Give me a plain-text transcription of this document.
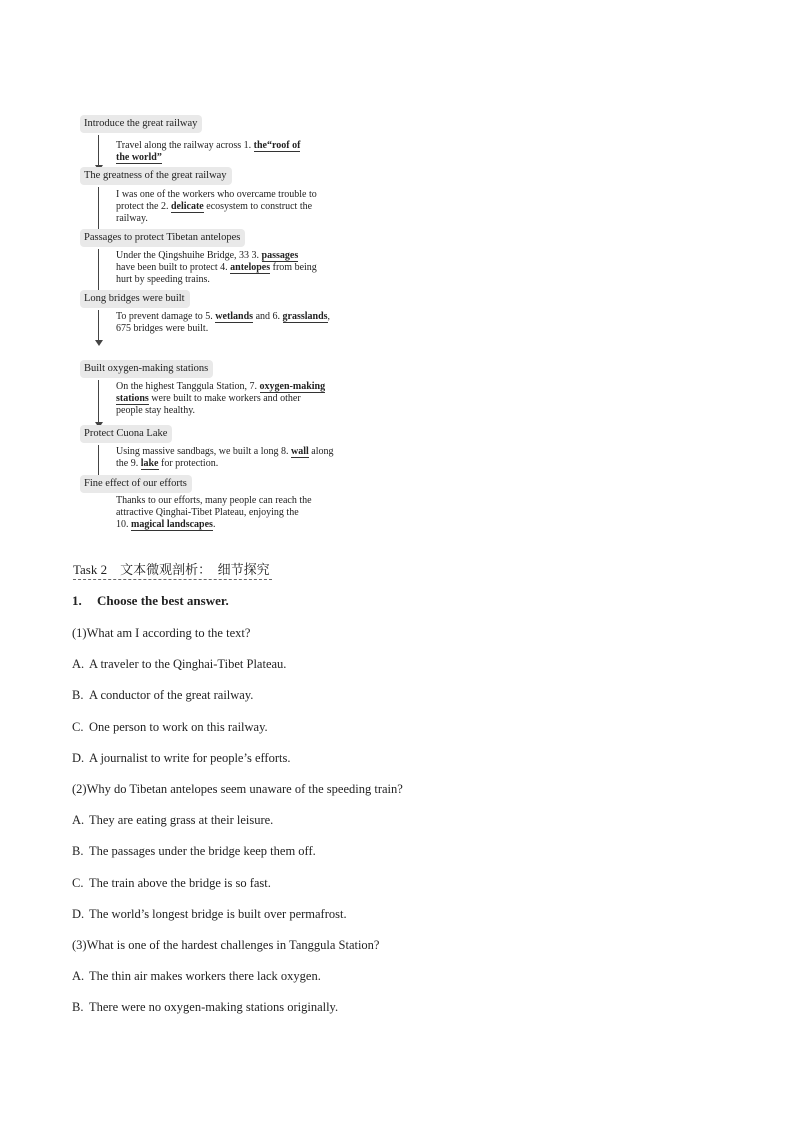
Introduce the great railway
Travel along the railway across 1. the“roof of
the world”
The greatness of the great railway
I was one of the workers who overcame trouble to
protect the 2. delicate ecosystem to construct the
railway.
Passages to protect Tibetan antelopes
Under the Qingshuihe Bridge, 33 3. passages
have been built to protect 4. antelopes from being
hurt by speeding trains.
Long bridges were built
To prevent damage to 5. wetlands and 6. grasslands,
675 bridges were built.
Built oxygen-making stations
On the highest Tanggula Station, 7. oxygen-making
stations were built to make workers and other
people stay healthy.
Protect Cuona Lake
Using massive sandbags, we built a long 8. wall along
the 9. lake for protection.
Fine effect of our efforts
Thanks to our efforts, many people can reach the
attractive Qinghai-Tibet Plateau, enjoying the
10. magical landscapes.
Task 2　文本微观剖析：　细节探究
1. Choose the best answer.
(1)What am I according to the text?
A. A traveler to the Qinghai-Tibet Plateau.
B. A conductor of the great railway.
C. One person to work on this railway.
D. A journalist to write for people’s efforts.
(2)Why do Tibetan antelopes seem unaware of the speeding train?
A. They are eating grass at their leisure.
B. The passages under the bridge keep them off.
C. The train above the bridge is so fast.
D. The world’s longest bridge is built over permafrost.
(3)What is one of the hardest challenges in Tanggula Station?
A. The thin air makes workers there lack oxygen.
B. There were no oxygen-making stations originally.
